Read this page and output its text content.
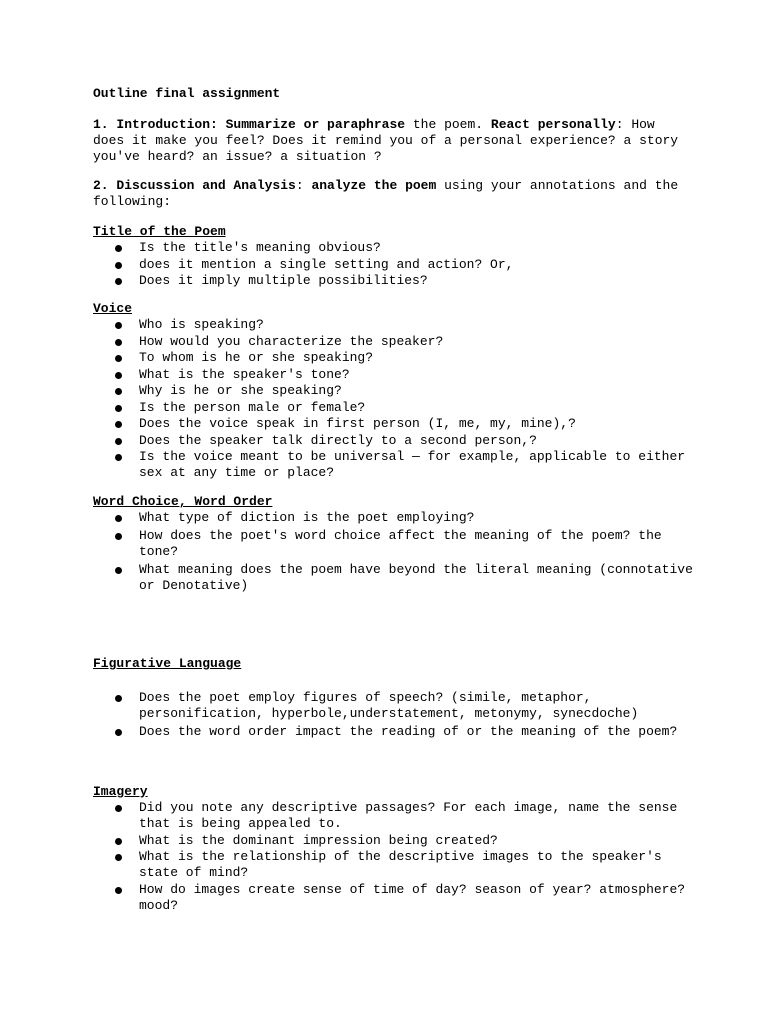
Outline final assignment

1. Introduction: Summarize or paraphrase the poem. React personally: How does it make you feel? Does it remind you of a personal experience? a story you've heard? an issue? a situation ?

2. Discussion and Analysis: analyze the poem using your annotations and the following:

Title of the Poem

Is the title's meaning obvious?
does it mention a single setting and action? Or,
Does it imply multiple possibilities?

Voice

Who is speaking?
How would you characterize the speaker?
To whom is he or she speaking?
What is the speaker's tone?
Why is he or she speaking?
Is the person male or female?
Does the voice speak in first person (I, me, my, mine),?
Does the speaker talk directly to a second person,?
Is the voice meant to be universal — for example, applicable to either sex at any time or place?

Word Choice, Word Order

What type of diction is the poet employing?
How does the poet's word choice affect the meaning of the poem? the tone?
What meaning does the poem have beyond the literal meaning (connotative or Denotative)

Figurative Language

Does the poet employ figures of speech? (simile, metaphor, personification, hyperbole,understatement, metonymy, synecdoche)
Does the word order impact the reading of or the meaning of the poem?

Imagery

Did you note any descriptive passages? For each image, name the sense that is being appealed to.
What is the dominant impression being created?
What is the relationship of the descriptive images to the speaker's state of mind?
How do images create sense of time of day? season of year? atmosphere? mood?
